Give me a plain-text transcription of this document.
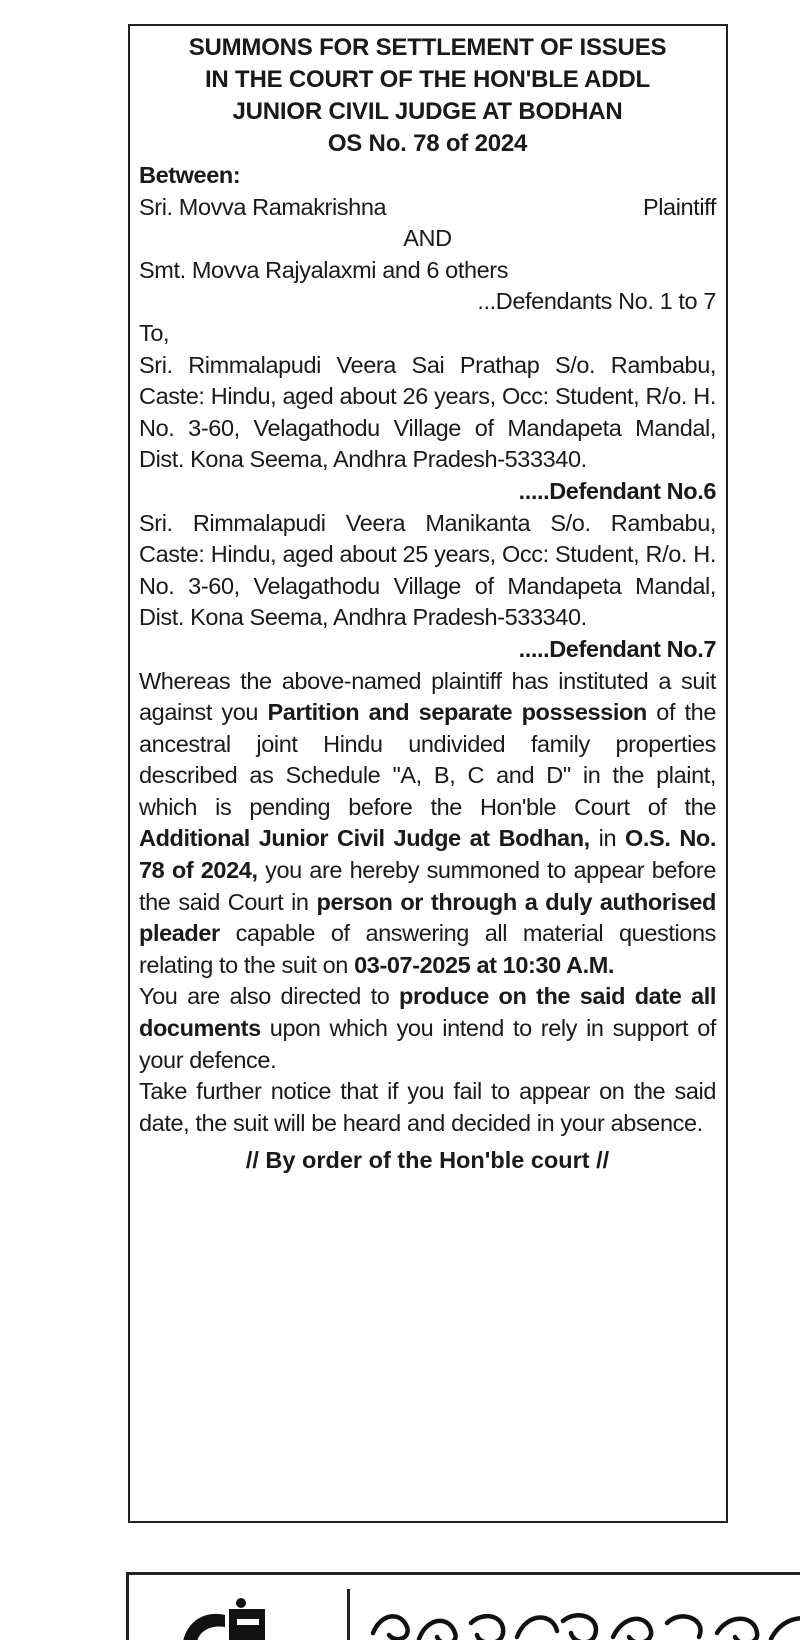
SUMMONS FOR SETTLEMENT OF ISSUES
IN THE COURT OF THE HON'BLE ADDL
JUNIOR CIVIL JUDGE AT BODHAN
OS No. 78 of 2024
Between:
Sri. Movva Ramakrishna	Plaintiff
AND
Smt. Movva Rajyalaxmi and 6 others
...Defendants No. 1 to 7
To,
Sri. Rimmalapudi Veera Sai Prathap S/o. Rambabu, Caste: Hindu, aged about 26 years, Occ: Student, R/o. H. No. 3-60, Velagathodu Village of Mandapeta Mandal, Dist. Kona Seema, Andhra Pradesh-533340.
.....Defendant No.6
Sri. Rimmalapudi Veera Manikanta S/o. Rambabu, Caste: Hindu, aged about 25 years, Occ: Student, R/o. H. No. 3-60, Velagathodu Village of Mandapeta Mandal, Dist. Kona Seema, Andhra Pradesh-533340.
.....Defendant No.7
Whereas the above-named plaintiff has instituted a suit against you Partition and separate possession of the ancestral joint Hindu undivided family properties described as Schedule "A, B, C and D" in the plaint, which is pending before the Hon'ble Court of the Additional Junior Civil Judge at Bodhan, in O.S. No. 78 of 2024, you are hereby summoned to appear before the said Court in person or through a duly authorised pleader capable of answering all material questions relating to the suit on 03-07-2025 at 10:30 A.M.
You are also directed to produce on the said date all documents upon which you intend to rely in support of your defence.
Take further notice that if you fail to appear on the said date, the suit will be heard and decided in your absence.
// By order of the Hon'ble court //
